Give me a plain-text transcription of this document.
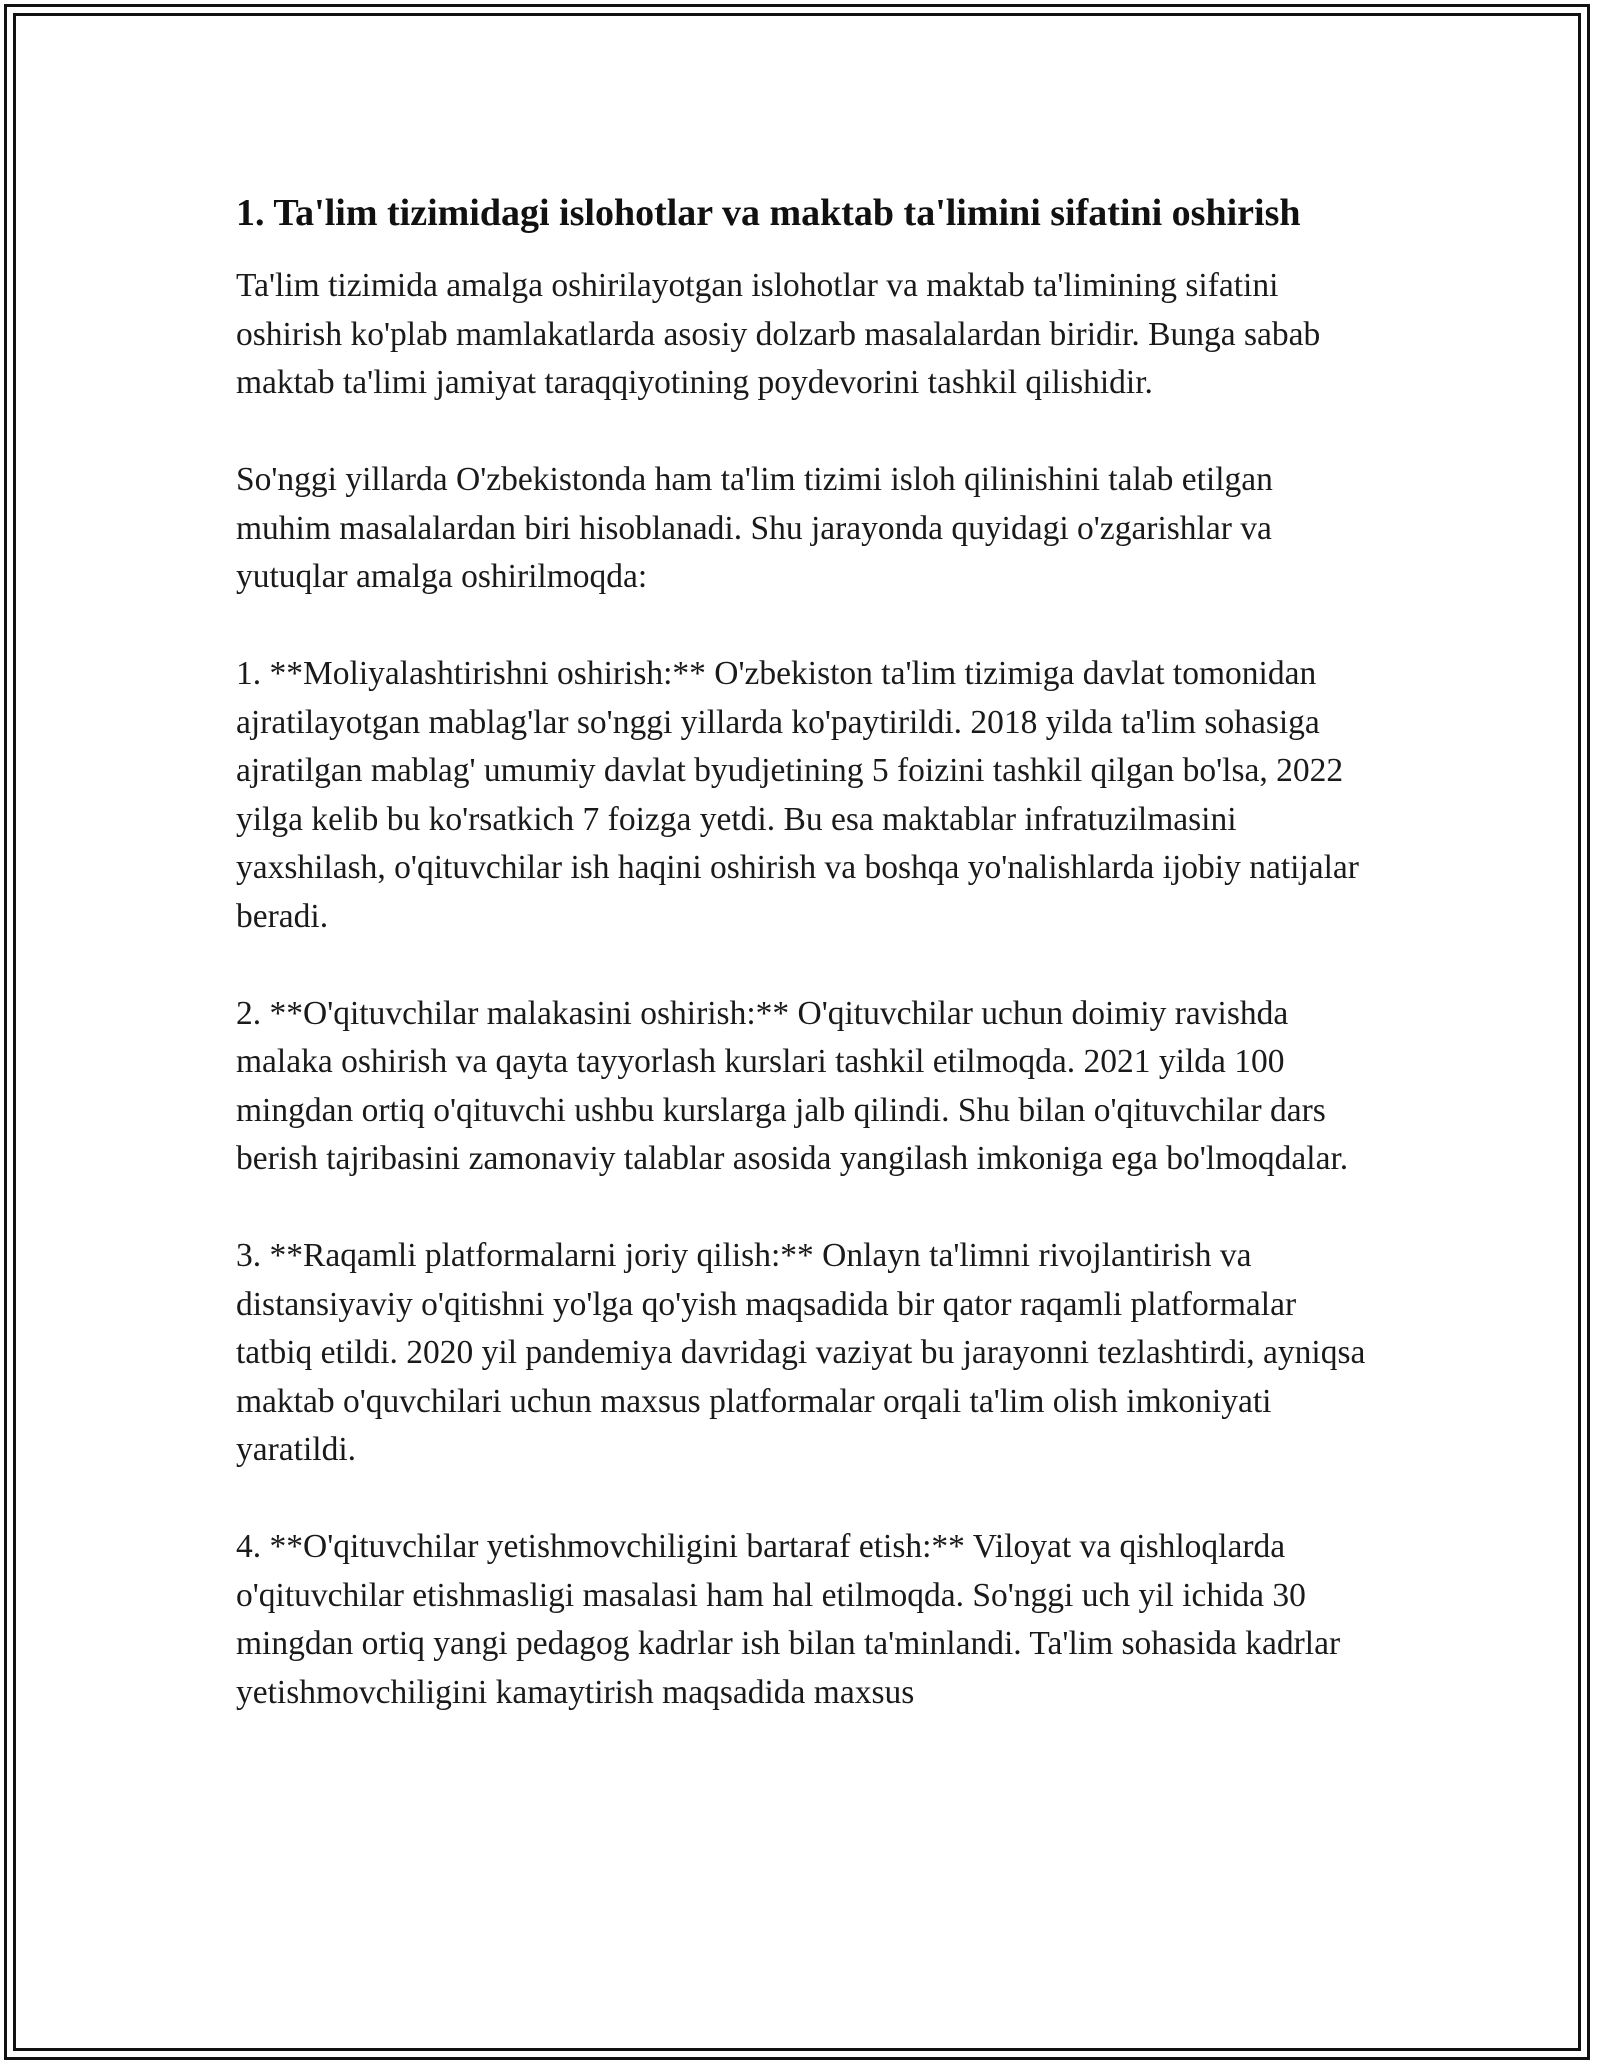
1. Ta'lim tizimidagi islohotlar va maktab ta'limini sifatini oshirish

Ta'lim tizimida amalga oshirilayotgan islohotlar va maktab ta'limining sifatini oshirish ko'plab mamlakatlarda asosiy dolzarb masalalardan biridir. Bunga sabab maktab ta'limi jamiyat taraqqiyotining poydevorini tashkil qilishidir.

So'nggi yillarda O'zbekistonda ham ta'lim tizimi isloh qilinishini talab etilgan muhim masalalardan biri hisoblanadi. Shu jarayonda quyidagi o'zgarishlar va yutuqlar amalga oshirilmoqda:

1. **Moliyalashtirishni oshirish:** O'zbekiston ta'lim tizimiga davlat tomonidan ajratilayotgan mablag'lar so'nggi yillarda ko'paytirildi. 2018 yilda ta'lim sohasiga ajratilgan mablag' umumiy davlat byudjetining 5 foizini tashkil qilgan bo'lsa, 2022 yilga kelib bu ko'rsatkich 7 foizga yetdi. Bu esa maktablar infratuzilmasini yaxshilash, o'qituvchilar ish haqini oshirish va boshqa yo'nalishlarda ijobiy natijalar beradi.

2. **O'qituvchilar malakasini oshirish:** O'qituvchilar uchun doimiy ravishda malaka oshirish va qayta tayyorlash kurslari tashkil etilmoqda. 2021 yilda 100 mingdan ortiq o'qituvchi ushbu kurslarga jalb qilindi. Shu bilan o'qituvchilar dars berish tajribasini zamonaviy talablar asosida yangilash imkoniga ega bo'lmoqdalar.

3. **Raqamli platformalarni joriy qilish:** Onlayn ta'limni rivojlantirish va distansiyaviy o'qitishni yo'lga qo'yish maqsadida bir qator raqamli platformalar tatbiq etildi. 2020 yil pandemiya davridagi vaziyat bu jarayonni tezlashtirdi, ayniqsa maktab o'quvchilari uchun maxsus platformalar orqali ta'lim olish imkoniyati yaratildi.

4. **O'qituvchilar yetishmovchiligini bartaraf etish:** Viloyat va qishloqlarda o'qituvchilar etishmasligi masalasi ham hal etilmoqda. So'nggi uch yil ichida 30 mingdan ortiq yangi pedagog kadrlar ish bilan ta'minlandi. Ta'lim sohasida kadrlar yetishmovchiligini kamaytirish maqsadida maxsus
